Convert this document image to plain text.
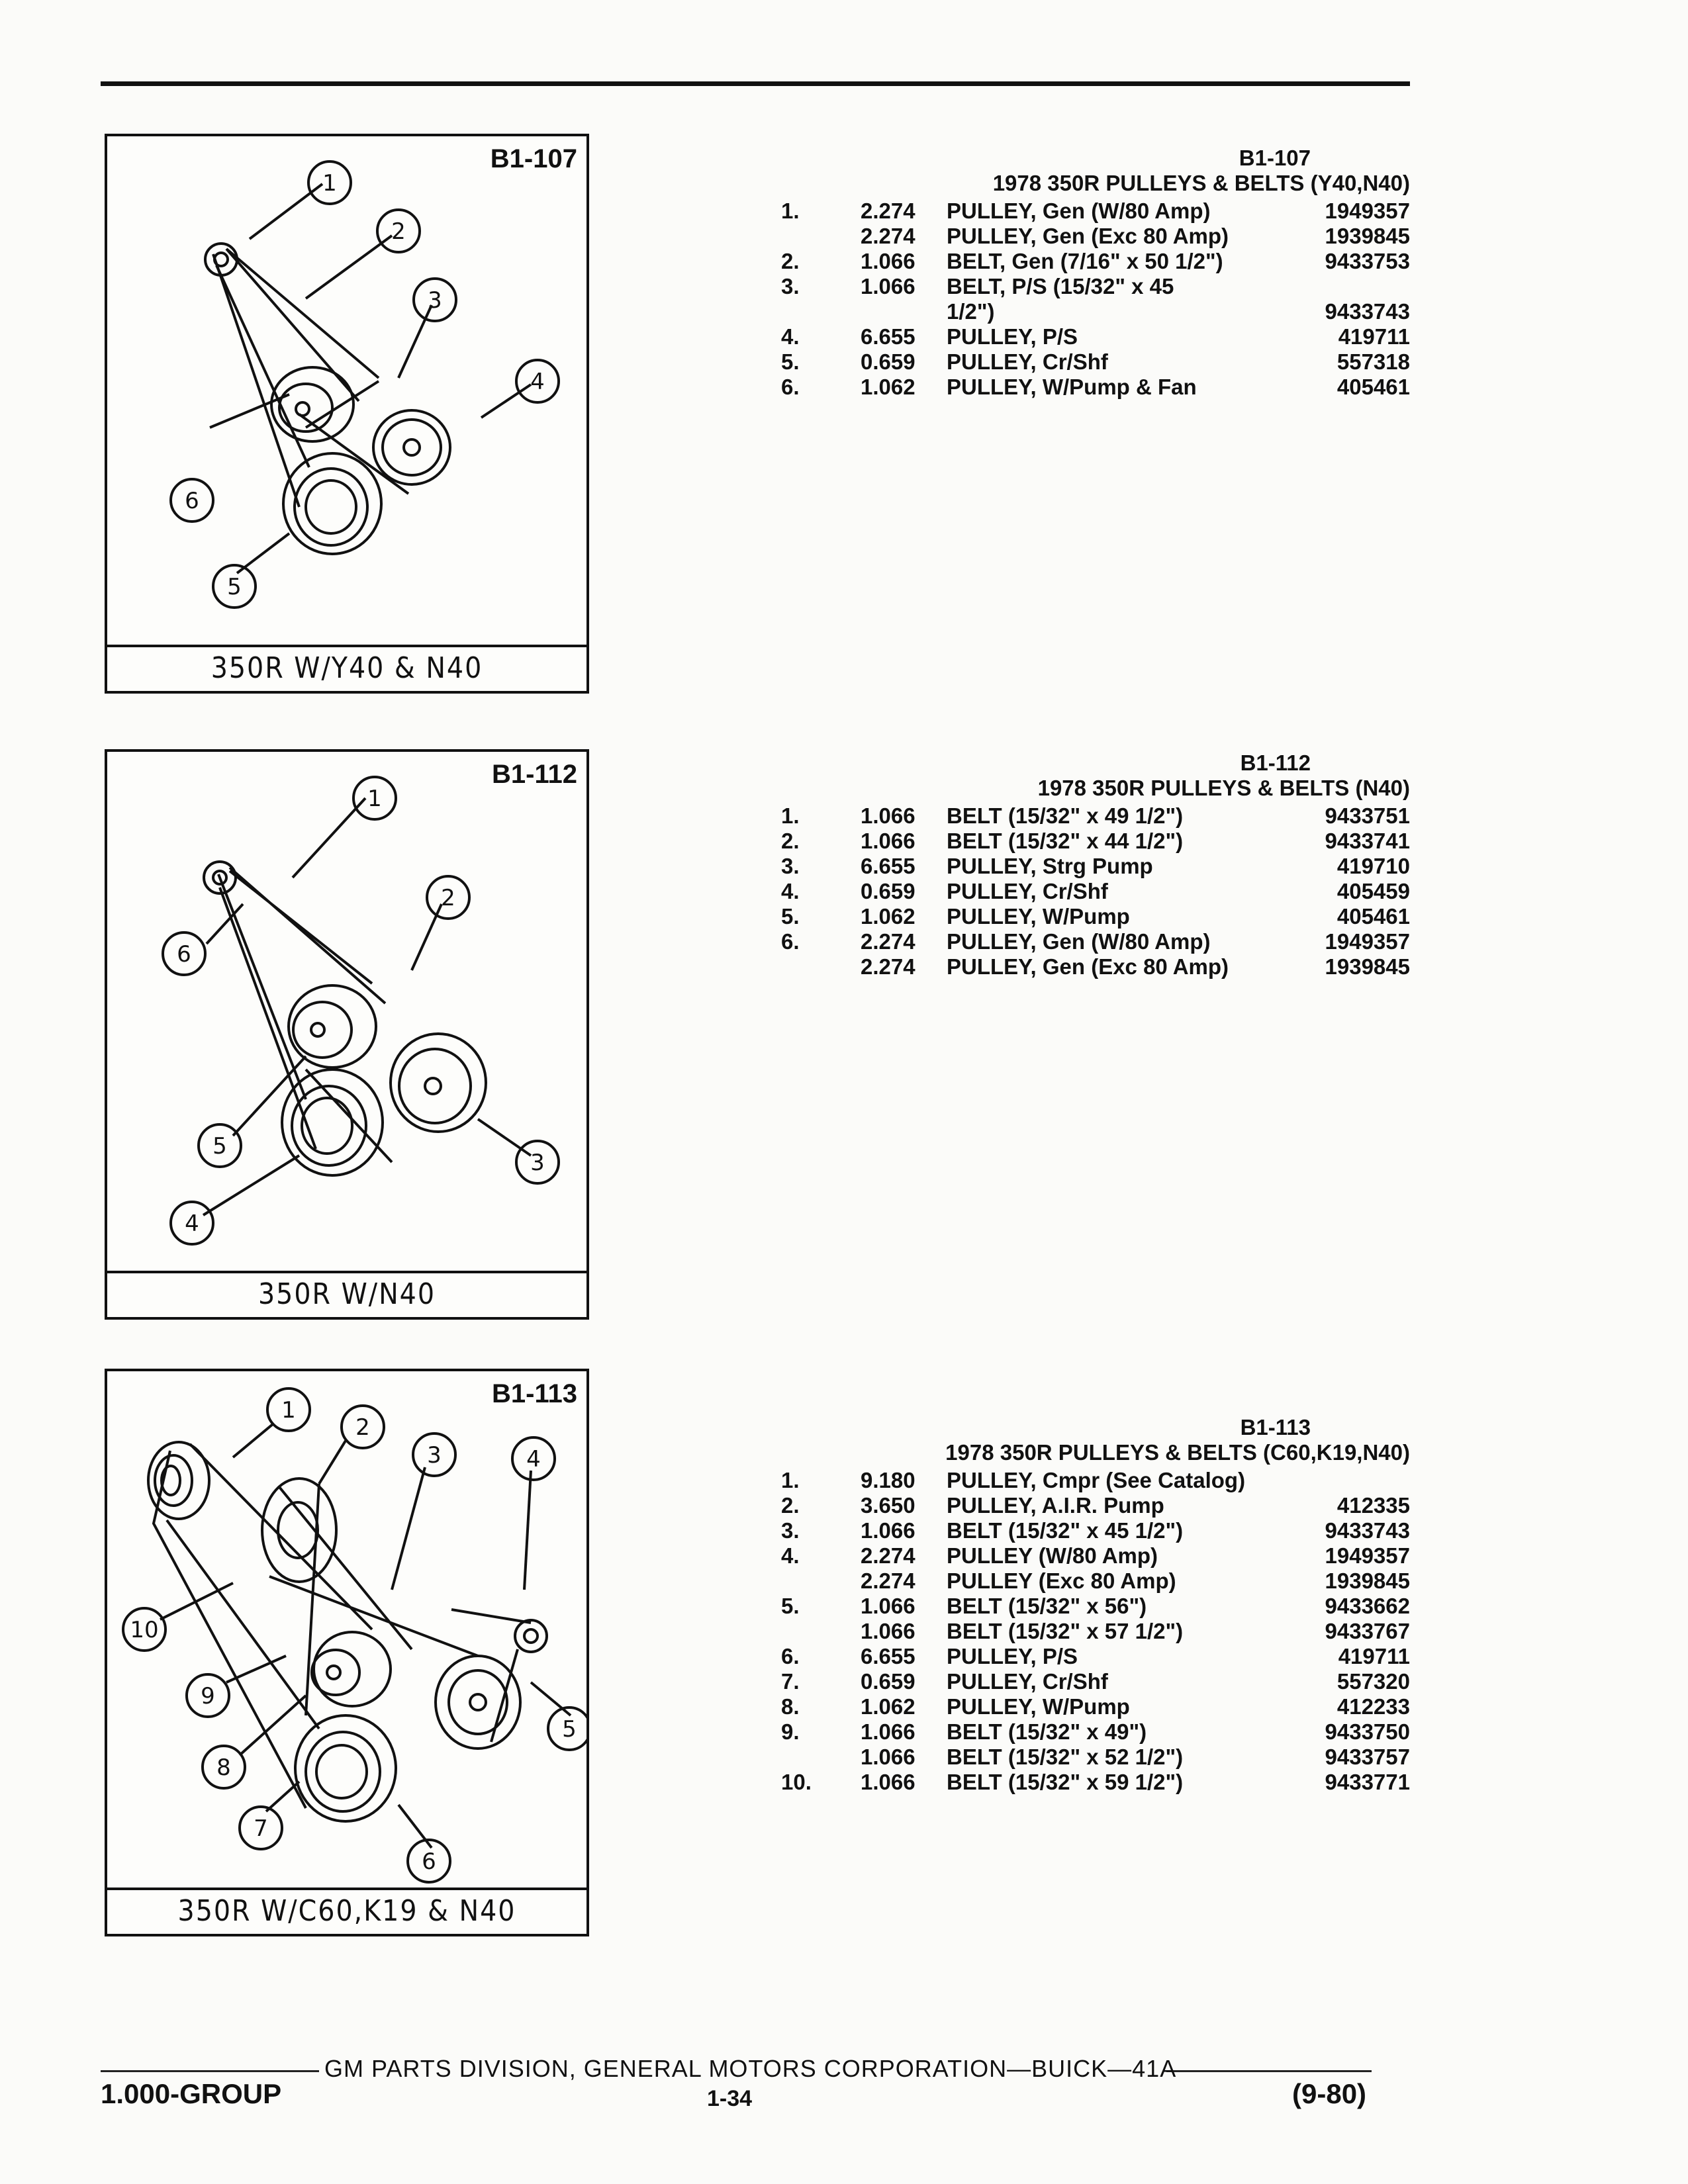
1
2
3
4
5
6
B1-107
350R W/Y40 & N40
1
2
3
4
5
6
B1-112
350R W/N40
1
2
3	4
5
6
7
8
9
10
B1-113
350R W/C60,K19 & N40
B1-107
1978 350R PULLEYS & BELTS (Y40,N40)
1.	2.274	PULLEY, Gen (W/80 Amp)	1949357
2.274	PULLEY, Gen (Exc 80 Amp)	1939845
2.	1.066	BELT, Gen (7/16" x 50 1/2")	9433753
3.	1.066	BELT, P/S (15/32" x 45
1/2")	9433743
4.	6.655	PULLEY, P/S	419711
5.	0.659	PULLEY, Cr/Shf	557318
6.	1.062	PULLEY, W/Pump & Fan	405461
B1-112
1978 350R PULLEYS & BELTS (N40)
1.	1.066	BELT (15/32" x 49 1/2")	9433751
2.	1.066	BELT (15/32" x 44 1/2")	9433741
3.	6.655	PULLEY, Strg Pump	419710
4.	0.659	PULLEY, Cr/Shf	405459
5.	1.062	PULLEY, W/Pump	405461
6.	2.274	PULLEY, Gen (W/80 Amp)	1949357
2.274	PULLEY, Gen (Exc 80 Amp)	1939845
B1-113
1978 350R PULLEYS & BELTS (C60,K19,N40)
1.	9.180	PULLEY, Cmpr (See Catalog)
2.	3.650	PULLEY, A.I.R. Pump	412335
3.	1.066	BELT (15/32" x 45 1/2")	9433743
4.	2.274	PULLEY (W/80 Amp)	1949357
2.274	PULLEY (Exc 80 Amp)	1939845
5.	1.066	BELT (15/32" x 56")	9433662
1.066	BELT (15/32" x 57 1/2")	9433767
6.	6.655	PULLEY, P/S	419711
7.	0.659	PULLEY, Cr/Shf	557320
8.	1.062	PULLEY, W/Pump	412233
9.	1.066	BELT (15/32" x 49")	9433750
1.066	BELT (15/32" x 52 1/2")	9433757
10.	1.066	BELT (15/32" x 59 1/2")	9433771
GM PARTS DIVISION, GENERAL MOTORS CORPORATION—BUICK—41A
1.000-GROUP	1-34	(9-80)
